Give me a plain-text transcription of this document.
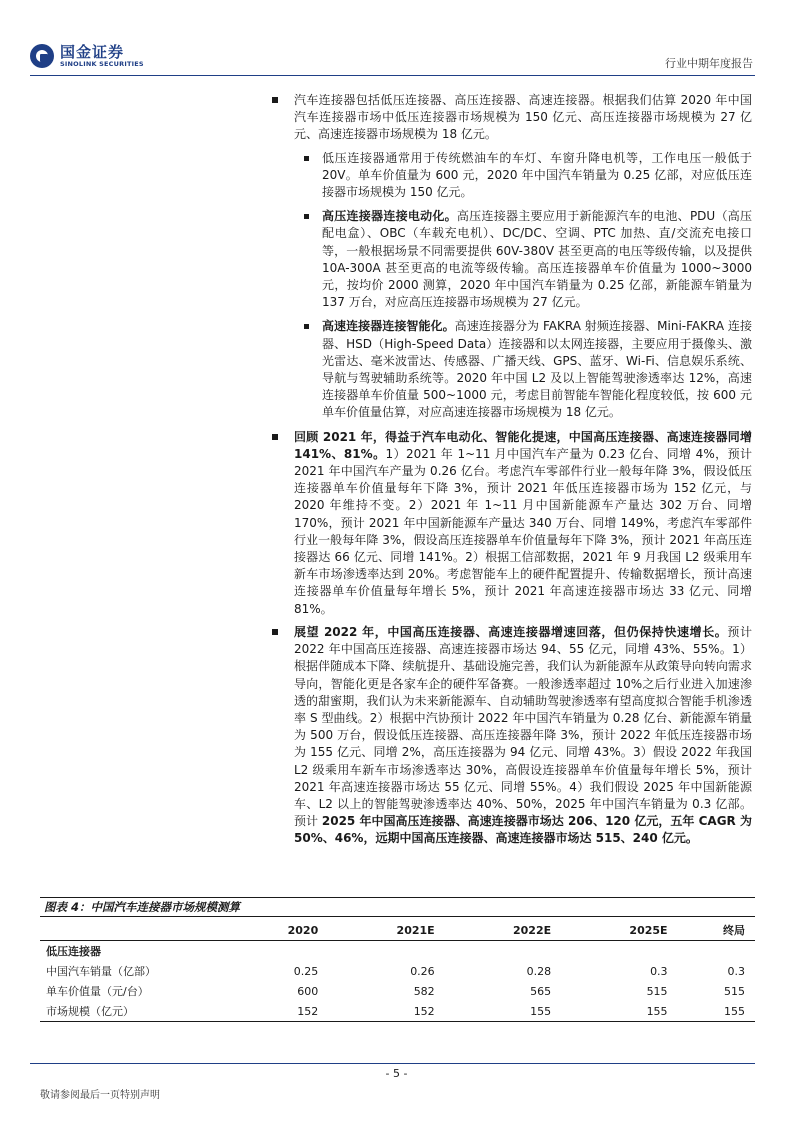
国金证券
SINOLINK SECURITIES	行业中期年度报告
汽车连接器包括低压连接器、高压连接器、高速连接器。根据我们估算 2020 年中国汽车连接器市场中低压连接器市场规模为 150 亿元、高压连接器市场规模为 27 亿元、高速连接器市场规模为 18 亿元。
低压连接器通常用于传统燃油车的车灯、车窗升降电机等，工作电压一般低于 20V。单车价值量为 600 元，2020 年中国汽车销量为 0.25 亿部，对应低压连接器市场规模为 150 亿元。
高压连接器连接电动化。高压连接器主要应用于新能源汽车的电池、PDU（高压配电盒）、OBC（车载充电机）、DC/DC、空调、PTC 加热、直/交流充电接口等，一般根据场景不同需要提供 60V-380V 甚至更高的电压等级传输，以及提供 10A-300A 甚至更高的电流等级传输。高压连接器单车价值量为 1000~3000 元，按均价 2000 测算，2020 年中国汽车销量为 0.25 亿部，新能源车销量为 137 万台，对应高压连接器市场规模为 27 亿元。
高速连接器连接智能化。高速连接器分为 FAKRA 射频连接器、Mini-FAKRA 连接器、HSD（High-Speed Data）连接器和以太网连接器，主要应用于摄像头、激光雷达、毫米波雷达、传感器、广播天线、GPS、蓝牙、Wi-Fi、信息娱乐系统、导航与驾驶辅助系统等。2020 年中国 L2 及以上智能驾驶渗透率达 12%，高速连接器单车价值量 500~1000 元，考虑目前智能车智能化程度较低，按 600 元单车价值量估算，对应高速连接器市场规模为 18 亿元。
回顾 2021 年，得益于汽车电动化、智能化提速，中国高压连接器、高速连接器同增 141%、81%。1）2021 年 1~11 月中国汽车产量为 0.23 亿台、同增 4%，预计 2021 年中国汽车产量为 0.26 亿台。考虑汽车零部件行业一般每年降 3%，假设低压连接器单车价值量每年下降 3%，预计 2021 年低压连接器市场为 152 亿元，与 2020 年维持不变。2）2021 年 1~11 月中国新能源车产量达 302 万台、同增 170%，预计 2021 年中国新能源车产量达 340 万台、同增 149%，考虑汽车零部件行业一般每年降 3%，假设高压连接器单车价值量每年下降 3%，预计 2021 年高压连接器达 66 亿元、同增 141%。2）根据工信部数据，2021 年 9 月我国 L2 级乘用车新车市场渗透率达到 20%。考虑智能车上的硬件配置提升、传输数据增长，预计高速连接器单车价值量每年增长 5%，预计 2021 年高速连接器市场达 33 亿元、同增 81%。
展望 2022 年，中国高压连接器、高速连接器增速回落，但仍保持快速增长。预计 2022 年中国高压连接器、高速连接器市场达 94、55 亿元，同增 43%、55%。1）根据伴随成本下降、续航提升、基础设施完善，我们认为新能源车从政策导向转向需求导向，智能化更是各家车企的硬件军备赛。一般渗透率超过 10%之后行业进入加速渗透的甜蜜期，我们认为未来新能源车、自动辅助驾驶渗透率有望高度拟合智能手机渗透率 S 型曲线。2）根据中汽协预计 2022 年中国汽车销量为 0.28 亿台、新能源车销量为 500 万台，假设低压连接器、高压连接器年降 3%，预计 2022 年低压连接器市场为 155 亿元、同增 2%，高压连接器为 94 亿元、同增 43%。3）假设 2022 年我国 L2 级乘用车新车市场渗透率达 30%，高假设连接器单车价值量每年增长 5%，预计 2021 年高速连接器市场达 55 亿元、同增 55%。4）我们假设 2025 年中国新能源车、L2 以上的智能驾驶渗透率达 40%、50%，2025 年中国汽车销量为 0.3 亿部。预计 2025 年中国高压连接器、高速连接器市场达 206、120 亿元，五年 CAGR 为 50%、46%，远期中国高压连接器、高速连接器市场达 515、240 亿元。
图表 4：中国汽车连接器市场规模测算
	2020	2021E	2022E	2025E	终局
低压连接器					
中国汽车销量（亿部）	0.25	0.26	0.28	0.3	0.3
单车价值量（元/台）	600	582	565	515	515
市场规模（亿元）	152	152	155	155	155
- 5 -
敬请参阅最后一页特别声明
